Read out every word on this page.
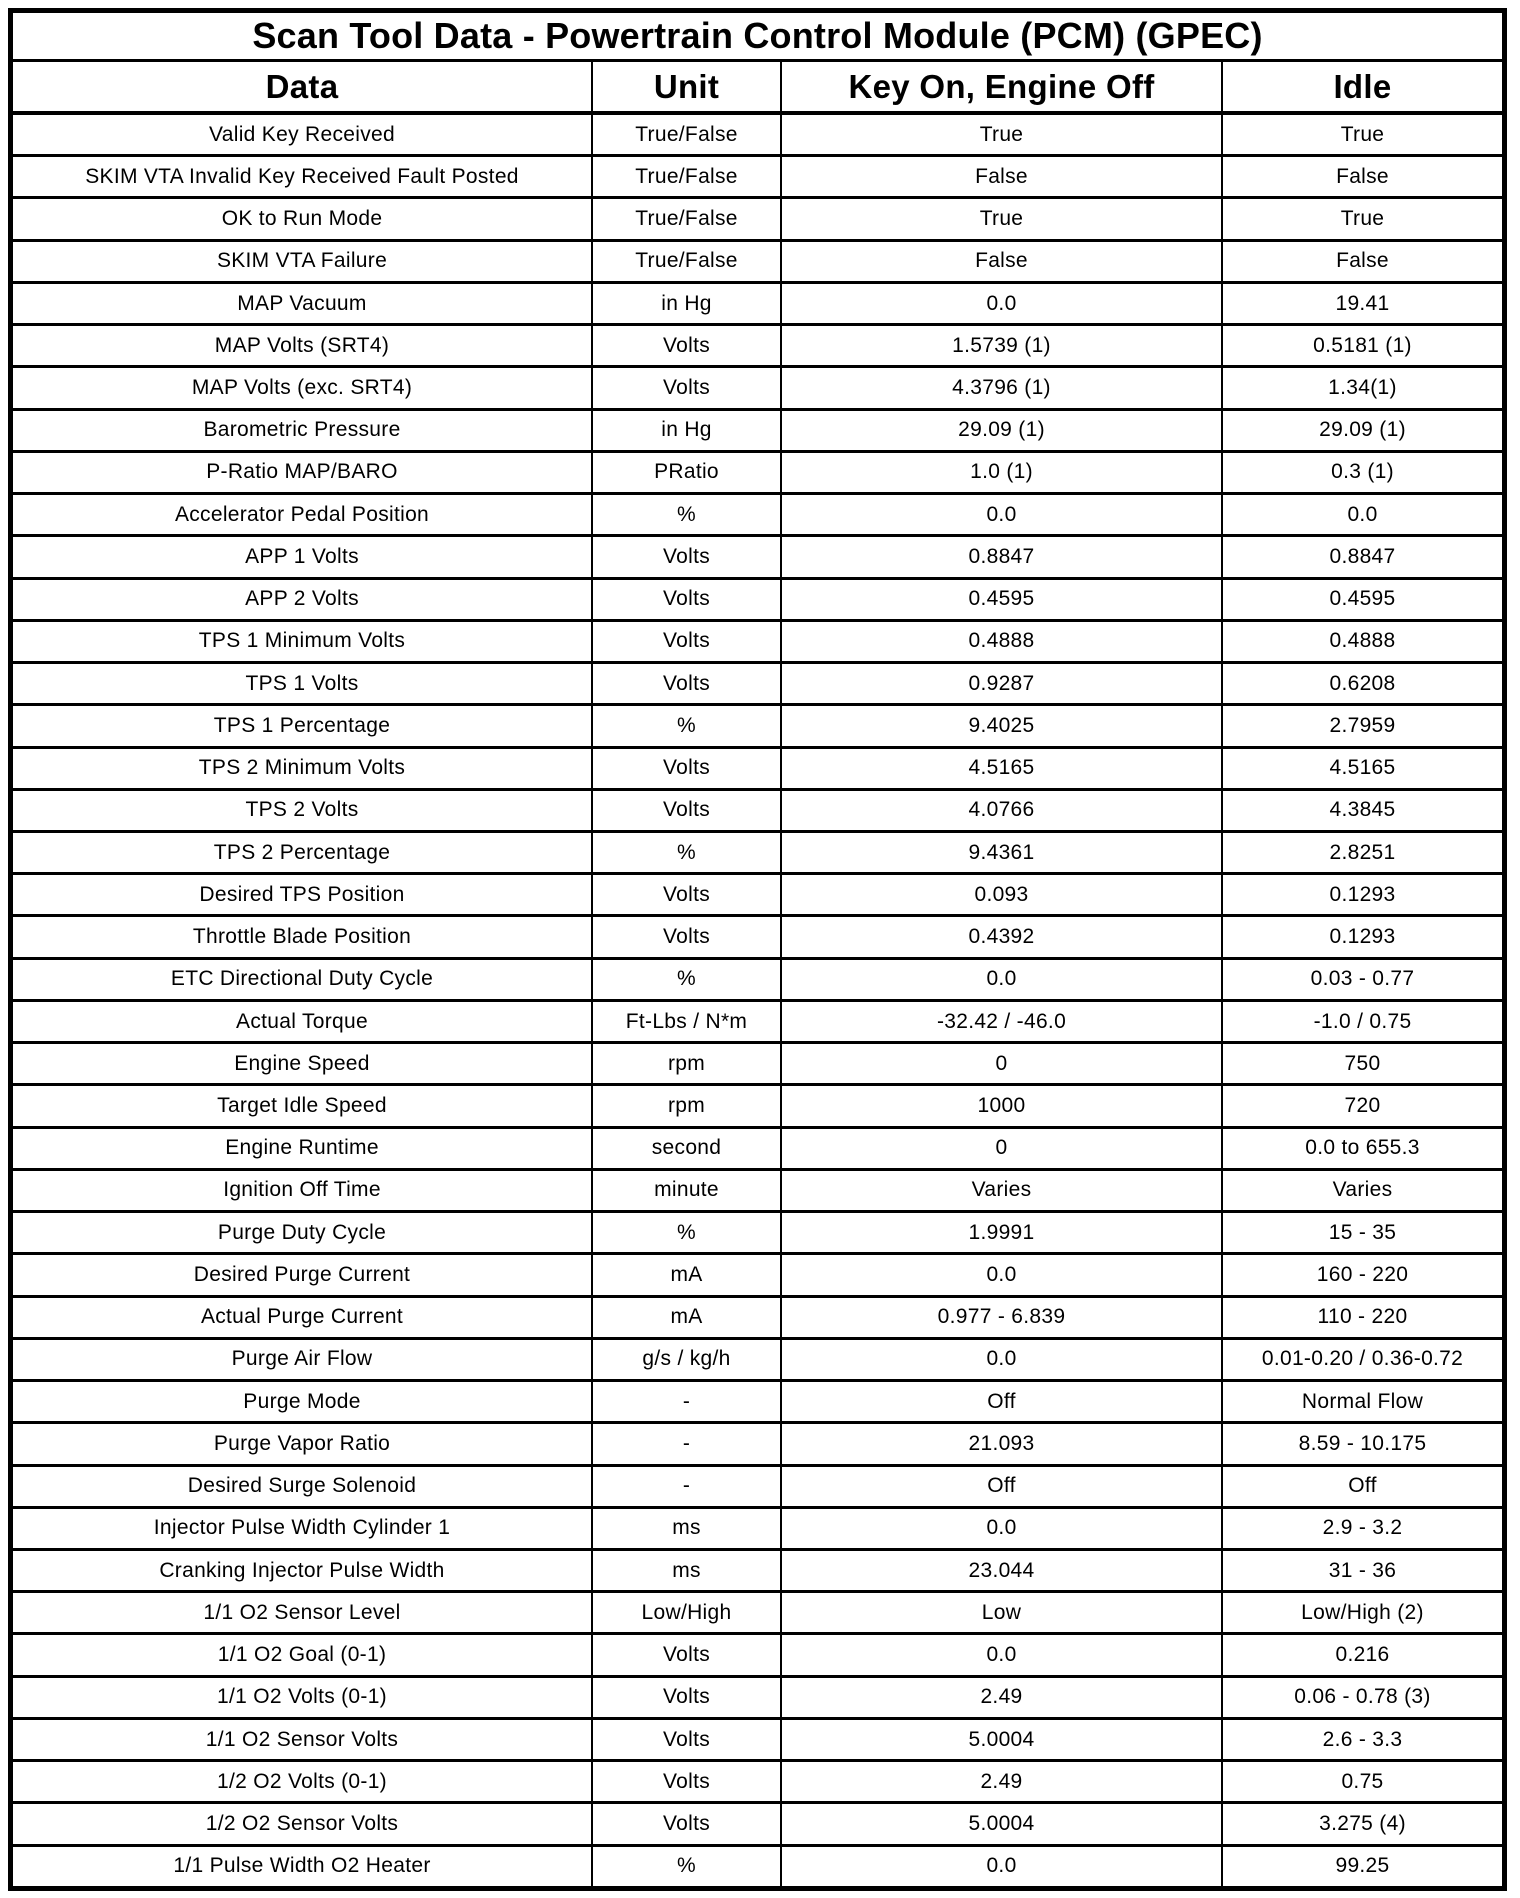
Scan Tool Data - Powertrain Control Module (PCM) (GPEC)
Data	Unit	Key On, Engine Off	Idle
Valid Key Received	True/False	True	True
SKIM VTA Invalid Key Received Fault Posted	True/False	False	False
OK to Run Mode	True/False	True	True
SKIM VTA Failure	True/False	False	False
MAP Vacuum	in Hg	0.0	19.41
MAP Volts (SRT4)	Volts	1.5739 (1)	0.5181 (1)
MAP Volts (exc. SRT4)	Volts	4.3796 (1)	1.34(1)
Barometric Pressure	in Hg	29.09 (1)	29.09 (1)
P-Ratio MAP/BARO	PRatio	1.0 (1)	0.3 (1)
Accelerator Pedal Position	%	0.0	0.0
APP 1 Volts	Volts	0.8847	0.8847
APP 2 Volts	Volts	0.4595	0.4595
TPS 1 Minimum Volts	Volts	0.4888	0.4888
TPS 1 Volts	Volts	0.9287	0.6208
TPS 1 Percentage	%	9.4025	2.7959
TPS 2 Minimum Volts	Volts	4.5165	4.5165
TPS 2 Volts	Volts	4.0766	4.3845
TPS 2 Percentage	%	9.4361	2.8251
Desired TPS Position	Volts	0.093	0.1293
Throttle Blade Position	Volts	0.4392	0.1293
ETC Directional Duty Cycle	%	0.0	0.03 - 0.77
Actual Torque	Ft-Lbs / N*m	-32.42 / -46.0	-1.0 / 0.75
Engine Speed	rpm	0	750
Target Idle Speed	rpm	1000	720
Engine Runtime	second	0	0.0 to 655.3
Ignition Off Time	minute	Varies	Varies
Purge Duty Cycle	%	1.9991	15 - 35
Desired Purge Current	mA	0.0	160 - 220
Actual Purge Current	mA	0.977 - 6.839	110 - 220
Purge Air Flow	g/s / kg/h	0.0	0.01-0.20 / 0.36-0.72
Purge Mode	-	Off	Normal Flow
Purge Vapor Ratio	-	21.093	8.59 - 10.175
Desired Surge Solenoid	-	Off	Off
Injector Pulse Width Cylinder 1	ms	0.0	2.9 - 3.2
Cranking Injector Pulse Width	ms	23.044	31 - 36
1/1 O2 Sensor Level	Low/High	Low	Low/High (2)
1/1 O2 Goal (0-1)	Volts	0.0	0.216
1/1 O2 Volts (0-1)	Volts	2.49	0.06 - 0.78 (3)
1/1 O2 Sensor Volts	Volts	5.0004	2.6 - 3.3
1/2 O2 Volts (0-1)	Volts	2.49	0.75
1/2 O2 Sensor Volts	Volts	5.0004	3.275 (4)
1/1 Pulse Width O2 Heater	%	0.0	99.25
